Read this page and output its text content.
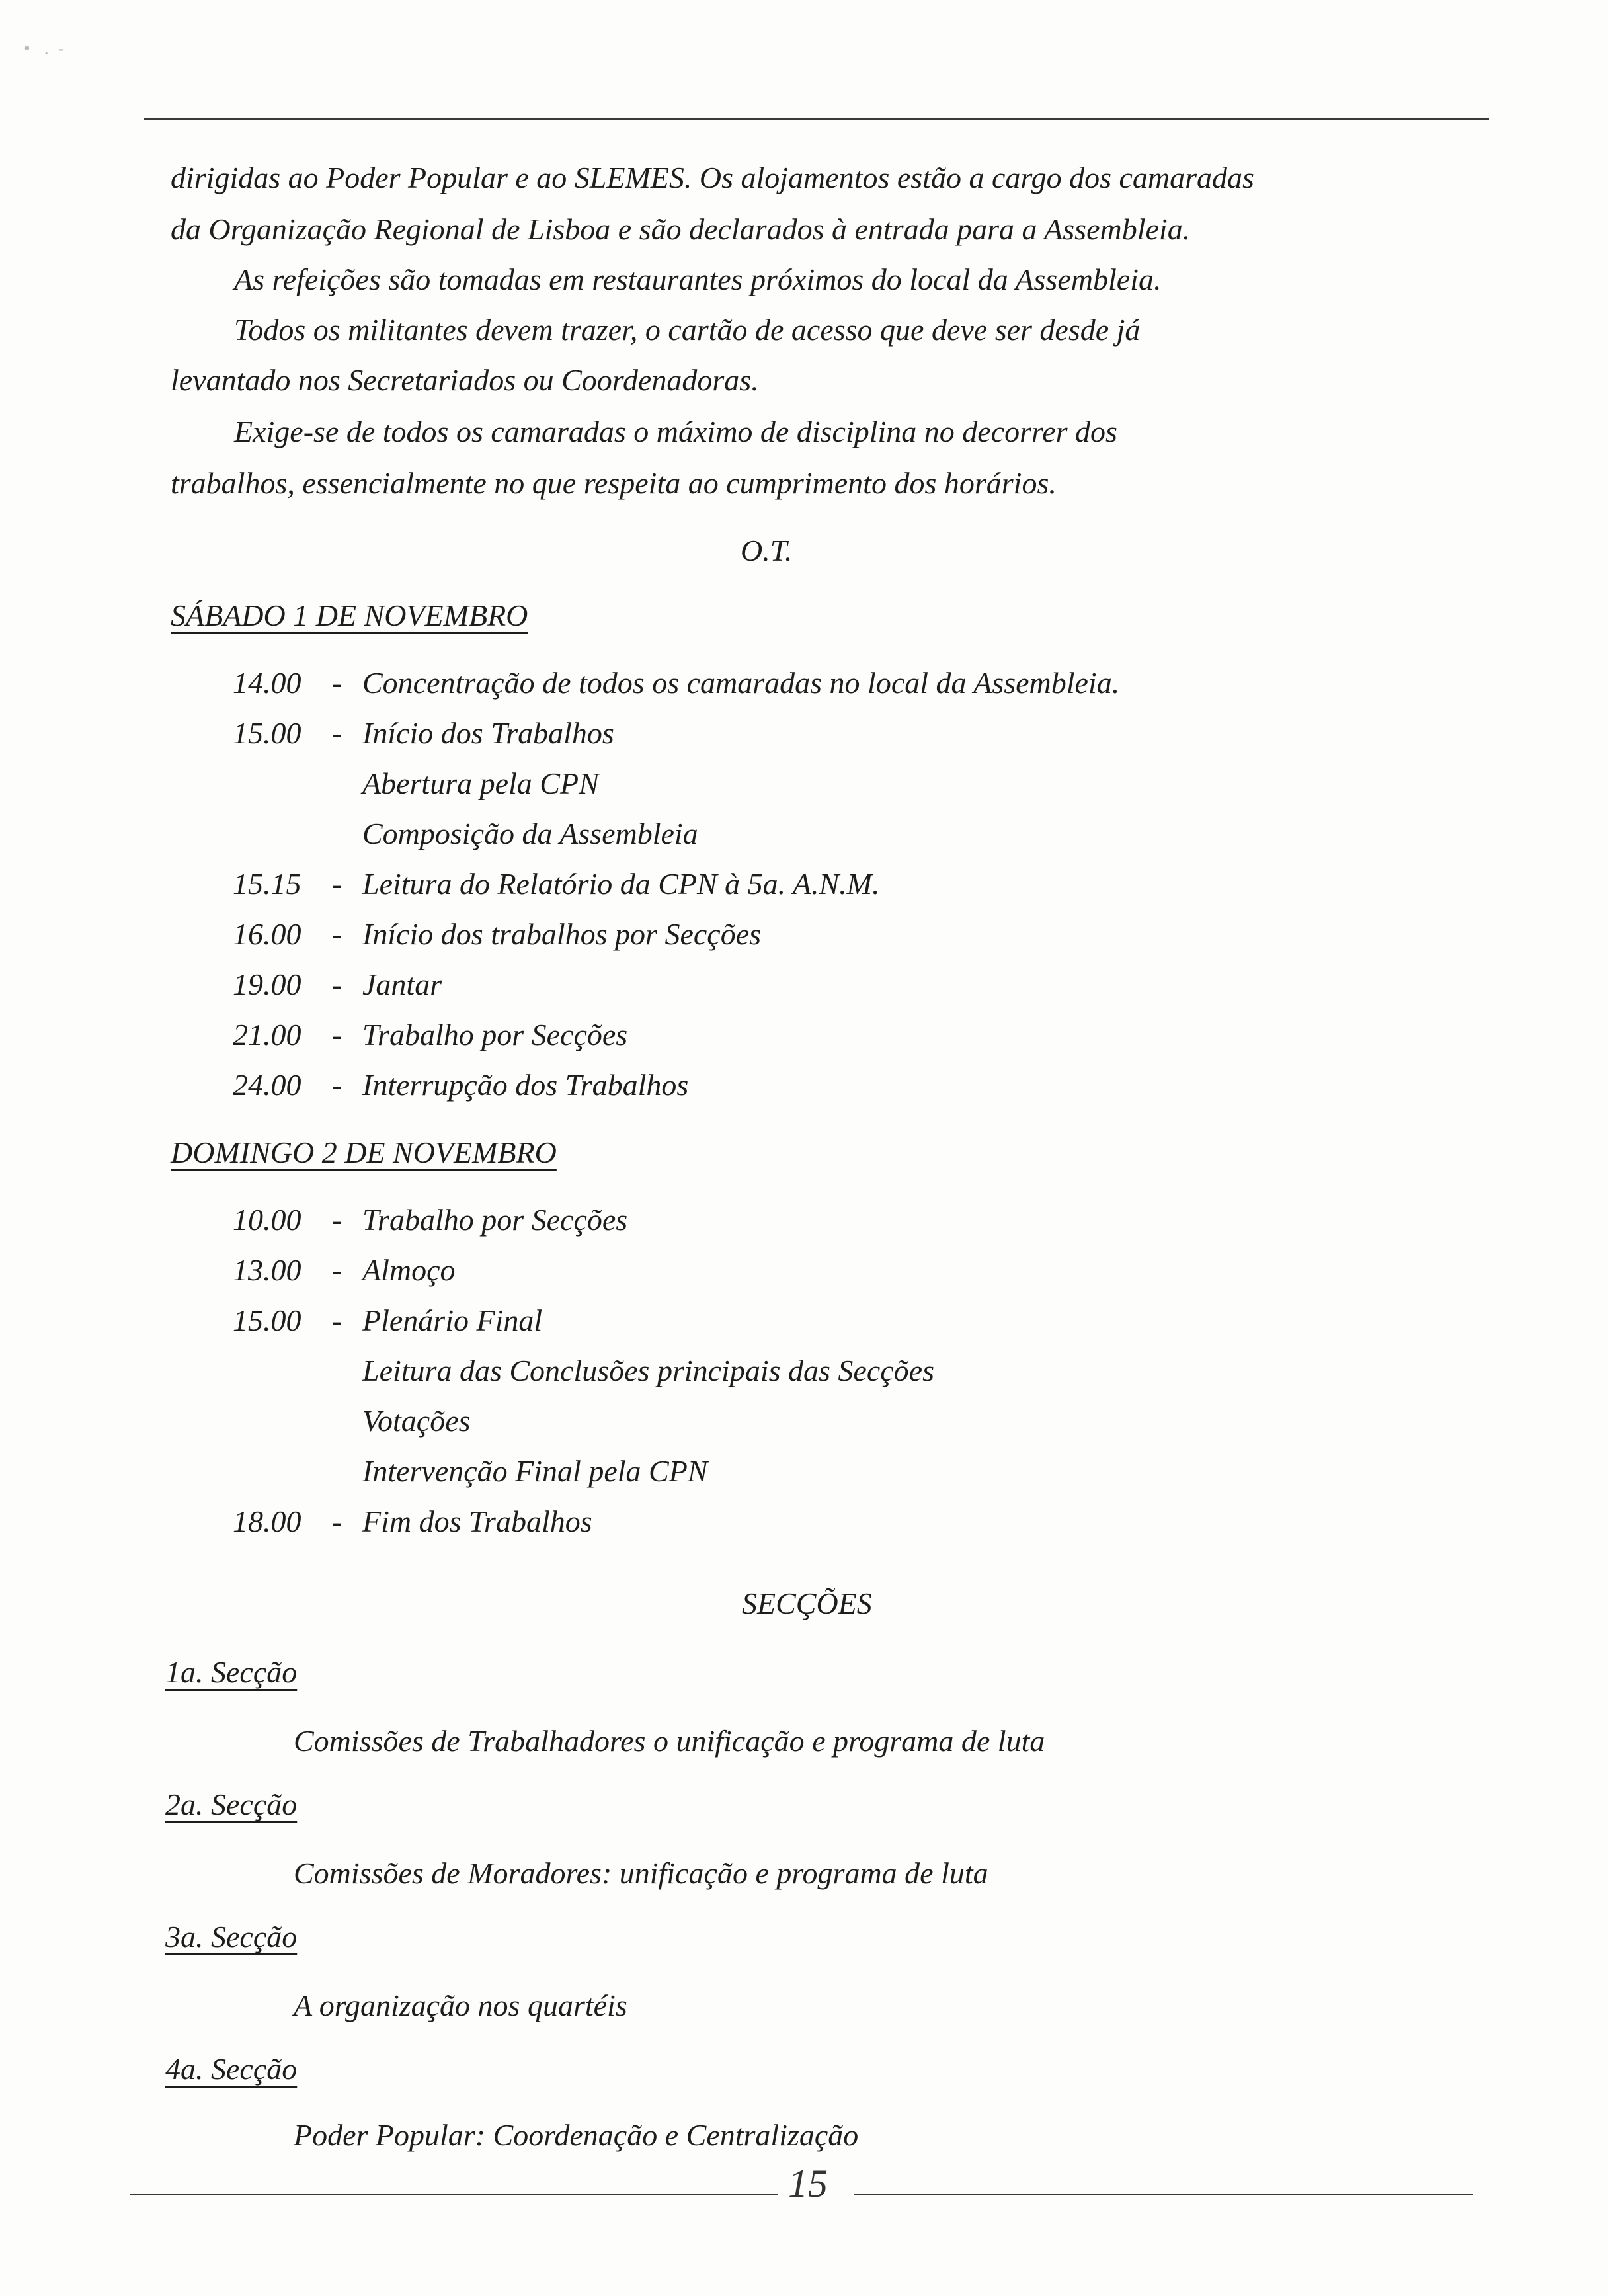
•   .  -
dirigidas ao Poder Popular e ao SLEMES. Os alojamentos estão a cargo dos camaradas
da Organização Regional de Lisboa e são declarados à entrada para a Assembleia.
As refeições são tomadas em restaurantes próximos do local da Assembleia.
Todos os militantes devem trazer, o cartão de acesso que deve ser desde já
levantado nos Secretariados ou Coordenadoras.
Exige-se de todos os camaradas o máximo de disciplina no decorrer dos
trabalhos, essencialmente no que respeita ao cumprimento dos horários.
O.T.
SÁBADO 1 DE NOVEMBRO
14.00 - Concentração de todos os camaradas no local da Assembleia.
15.00 - Início dos Trabalhos
Abertura pela CPN
Composição da Assembleia
15.15 - Leitura do Relatório da CPN à 5a. A.N.M.
16.00 - Início dos trabalhos por Secções
19.00 - Jantar
21.00 - Trabalho por Secções
24.00 - Interrupção dos Trabalhos
DOMINGO 2 DE NOVEMBRO
10.00 - Trabalho por Secções
13.00 - Almoço
15.00 - Plenário Final
Leitura das Conclusões principais das Secções
Votações
Intervenção Final pela CPN
18.00 - Fim dos Trabalhos
SECÇÕES
1a. Secção
Comissões de Trabalhadores o unificação e programa de luta
2a. Secção
Comissões de Moradores: unificação e programa de luta
3a. Secção
A organização nos quartéis
4a. Secção
Poder Popular: Coordenação e Centralização
15
